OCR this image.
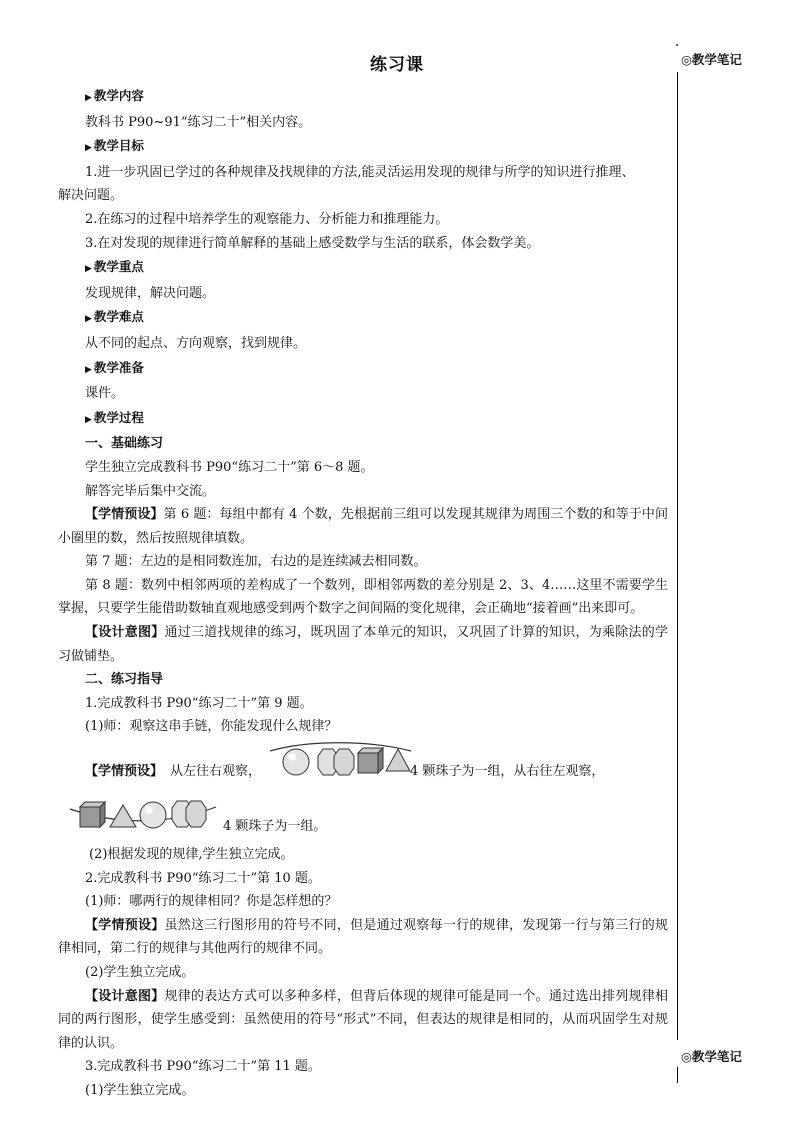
练习课	◎教学笔记
◎教学笔记
▶ 教学内容
教科书 P90~91“练习二十”相关内容。
▶ 教学目标
1.进一步巩固已学过的各种规律及找规律的方法,能灵活运用发现的规律与所学的知识进行推理、
解决问题。
2.在练习的过程中培养学生的观察能力、分析能力和推理能力。
3.在对发现的规律进行简单解释的基础上感受数学与生活的联系，体会数学美。
▶ 教学重点
发现规律，解决问题。
▶ 教学难点
从不同的起点、方向观察，找到规律。
▶ 教学准备
课件。
▶ 教学过程
一、基础练习
学生独立完成教科书 P90“练习二十”第 6～8 题。
解答完毕后集中交流。
【学情预设】第 6 题：每组中都有 4 个数，先根据前三组可以发现其规律为周围三个数的和等于中间小圈里的数，然后按照规律填数。
第 7 题：左边的是相同数连加，右边的是连续减去相同数。
第 8 题：数列中相邻两项的差构成了一个数列，即相邻两数的差分别是 2、3、4……这里不需要学生掌握，只要学生能借助数轴直观地感受到两个数字之间间隔的变化规律，会正确地“接着画”出来即可。
【设计意图】通过三道找规律的练习，既巩固了本单元的知识，又巩固了计算的知识，为乘除法的学习做铺垫。
二、练习指导
1.完成教科书 P90“练习二十”第 9 题。
(1)师：观察这串手链，你能发现什么规律？
【学情预设】 从左往右观察，	4 颗珠子为一组，从右往左观察，
4 颗珠子为一组。
(2)根据发现的规律,学生独立完成。
2.完成教科书 P90“练习二十”第 10 题。
(1)师：哪两行的规律相同？你是怎样想的？
【学情预设】虽然这三行图形用的符号不同，但是通过观察每一行的规律，发现第一行与第三行的规律相同，第二行的规律与其他两行的规律不同。
(2)学生独立完成。
【设计意图】规律的表达方式可以多种多样，但背后体现的规律可能是同一个。通过选出排列规律相同的两行图形，使学生感受到：虽然使用的符号“形式”不同，但表达的规律是相同的，从而巩固学生对规律的认识。
3.完成教科书 P90“练习二十”第 11 题。
(1)学生独立完成。
